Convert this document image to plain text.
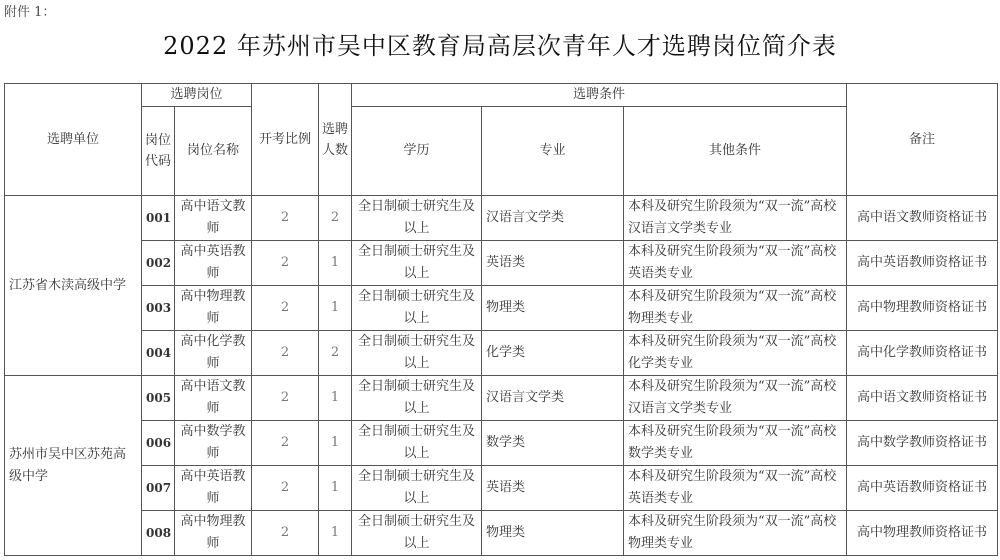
附件 1：
2022 年苏州市吴中区教育局高层次青年人才选聘岗位简介表
选聘单位	选聘岗位		开考比例	选聘人数	选聘条件			备注
	岗位代码	岗位名称			学历	专业	其他条件	
江苏省木渎高级中学	001	高中语文教师	2	2	全日制硕士研究生及以上	汉语言文学类	本科及研究生阶段须为“双一流”高校汉语言文学类专业	高中语文教师资格证书
	002	高中英语教师	2	1	全日制硕士研究生及以上	英语类	本科及研究生阶段须为“双一流”高校英语类专业	高中英语教师资格证书
	003	高中物理教师	2	1	全日制硕士研究生及以上	物理类	本科及研究生阶段须为“双一流”高校物理类专业	高中物理教师资格证书
	004	高中化学教师	2	2	全日制硕士研究生及以上	化学类	本科及研究生阶段须为“双一流”高校化学类专业	高中化学教师资格证书
苏州市吴中区苏苑高级中学	005	高中语文教师	2	1	全日制硕士研究生及以上	汉语言文学类	本科及研究生阶段须为“双一流”高校汉语言文学类专业	高中语文教师资格证书
	006	高中数学教师	2	1	全日制硕士研究生及以上	数学类	本科及研究生阶段须为“双一流”高校数学类专业	高中数学教师资格证书
	007	高中英语教师	2	1	全日制硕士研究生及以上	英语类	本科及研究生阶段须为“双一流”高校英语类专业	高中英语教师资格证书
	008	高中物理教师	2	1	全日制硕士研究生及以上	物理类	本科及研究生阶段须为“双一流”高校物理类专业	高中物理教师资格证书
